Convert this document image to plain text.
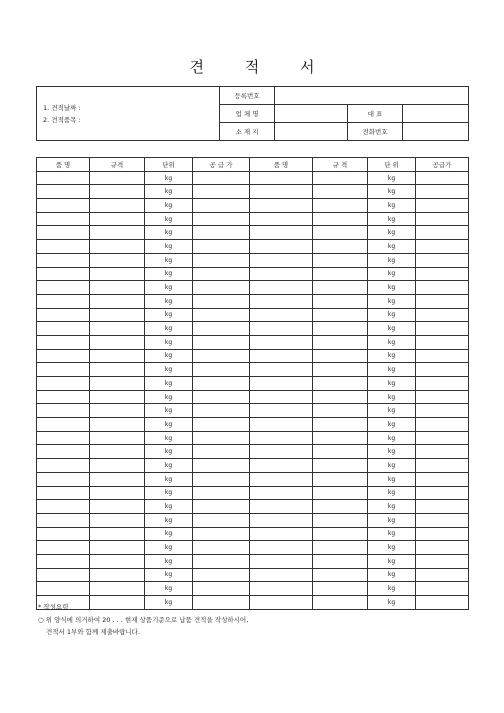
견 적 서
1. 견적날짜 :
2. 견적품목 :	등록번호			
	업 체 명		대 표	
	소 재 지		전화번호	
품 명	규격	단위	공 급 가	품 명	규 격	단 위	공급가
		kg				kg	
		kg				kg	
		kg				kg	
		kg				kg	
		kg				kg	
		kg				kg	
		kg				kg	
		kg				kg	
		kg				kg	
		kg				kg	
		kg				kg	
		kg				kg	
		kg				kg	
		kg				kg	
		kg				kg	
		kg				kg	
		kg				kg	
		kg				kg	
		kg				kg	
		kg				kg	
		kg				kg	
		kg				kg	
		kg				kg	
		kg				kg	
		kg				kg	
		kg				kg	
		kg				kg	
		kg				kg	
		kg				kg	
		kg				kg	
		kg				kg	
		kg				kg	
* 작성요령
○ 위 양식에 의거하여 20 . . . 현재 상품기준으로 납품 견적을 작성하시어,
견적서 1부와 함께 제출바랍니다.
